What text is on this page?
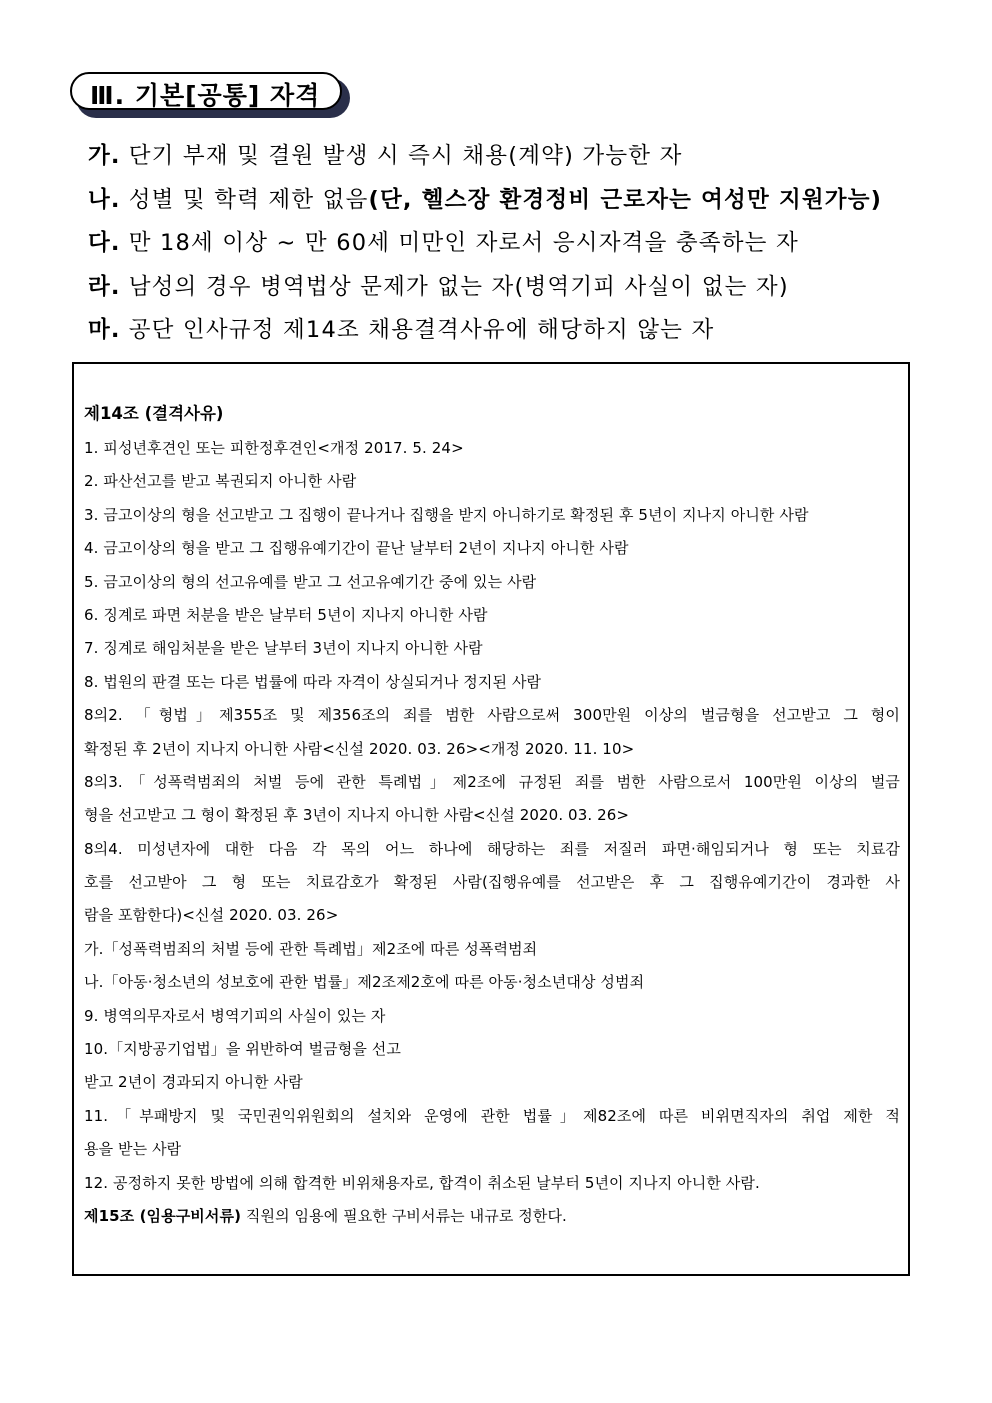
Ⅲ. 기본[공통] 자격
가. 단기 부재 및 결원 발생 시 즉시 채용(계약) 가능한 자
나. 성별 및 학력 제한 없음(단, 헬스장 환경정비 근로자는 여성만 지원가능)
다. 만 18세 이상 ~ 만 60세 미만인 자로서 응시자격을 충족하는 자
라. 남성의 경우 병역법상 문제가 없는 자(병역기피 사실이 없는 자)
마. 공단 인사규정 제14조 채용결격사유에 해당하지 않는 자
제14조 (결격사유)
1. 피성년후견인 또는 피한정후견인<개정 2017. 5. 24>
2. 파산선고를 받고 복권되지 아니한 사람
3. 금고이상의 형을 선고받고 그 집행이 끝나거나 집행을 받지 아니하기로 확정된 후 5년이 지나지 아니한 사람
4. 금고이상의 형을 받고 그 집행유예기간이 끝난 날부터 2년이 지나지 아니한 사람
5. 금고이상의 형의 선고유예를 받고 그 선고유예기간 중에 있는 사람
6. 징계로 파면 처분을 받은 날부터 5년이 지나지 아니한 사람
7. 징계로 해임처분을 받은 날부터 3년이 지나지 아니한 사람
8. 법원의 판결 또는 다른 법률에 따라 자격이 상실되거나 정지된 사람
8의2. 「형법」제355조 및 제356조의 죄를 범한 사람으로써 300만원 이상의 벌금형을 선고받고 그 형이
확정된 후 2년이 지나지 아니한 사람<신설 2020. 03. 26><개정 2020. 11. 10>
8의3.「성폭력범죄의 처벌 등에 관한 특례법」제2조에 규정된 죄를 범한 사람으로서 100만원 이상의 벌금
형을 선고받고 그 형이 확정된 후 3년이 지나지 아니한 사람<신설 2020. 03. 26>
8의4. 미성년자에 대한 다음 각 목의 어느 하나에 해당하는 죄를 저질러 파면·해임되거나 형 또는 치료감
호를 선고받아 그 형 또는 치료감호가 확정된 사람(집행유예를 선고받은 후 그 집행유예기간이 경과한 사
람을 포함한다)<신설 2020. 03. 26>
가.「성폭력범죄의 처벌 등에 관한 특례법」제2조에 따른 성폭력범죄
나.「아동·청소년의 성보호에 관한 법률」제2조제2호에 따른 아동·청소년대상 성범죄
9. 병역의무자로서 병역기피의 사실이 있는 자
10.「지방공기업법」을 위반하여 벌금형을 선고
받고 2년이 경과되지 아니한 사람
11.「부패방지 및 국민권익위원회의 설치와 운영에 관한 법률」제82조에 따른 비위면직자의 취업 제한 적
용을 받는 사람
12. 공정하지 못한 방법에 의해 합격한 비위채용자로, 합격이 취소된 날부터 5년이 지나지 아니한 사람.
제15조 (임용구비서류) 직원의 임용에 필요한 구비서류는 내규로 정한다.
